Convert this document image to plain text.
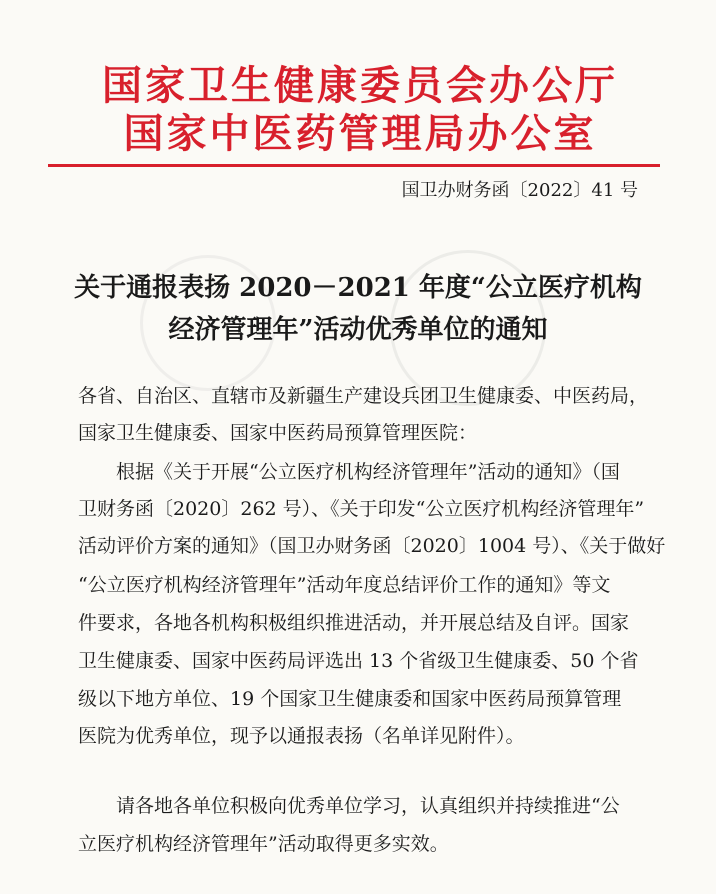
国家卫生健康委员会办公厅
国家中医药管理局办公室
国卫办财务函〔2022〕41 号
关于通报表扬 2020－2021 年度“公立医疗机构
经济管理年”活动优秀单位的通知
各省、自治区、直辖市及新疆生产建设兵团卫生健康委、中医药局，
国家卫生健康委、国家中医药局预算管理医院：
根据《关于开展“公立医疗机构经济管理年”活动的通知》（国
卫财务函〔2020〕262 号）、《关于印发“公立医疗机构经济管理年”
活动评价方案的通知》（国卫办财务函〔2020〕1004 号）、《关于做好
“公立医疗机构经济管理年”活动年度总结评价工作的通知》等文
件要求，各地各机构积极组织推进活动，并开展总结及自评。国家
卫生健康委、国家中医药局评选出 13 个省级卫生健康委、50 个省
级以下地方单位、19 个国家卫生健康委和国家中医药局预算管理
医院为优秀单位，现予以通报表扬（名单详见附件）。
请各地各单位积极向优秀单位学习，认真组织并持续推进“公
立医疗机构经济管理年”活动取得更多实效。
